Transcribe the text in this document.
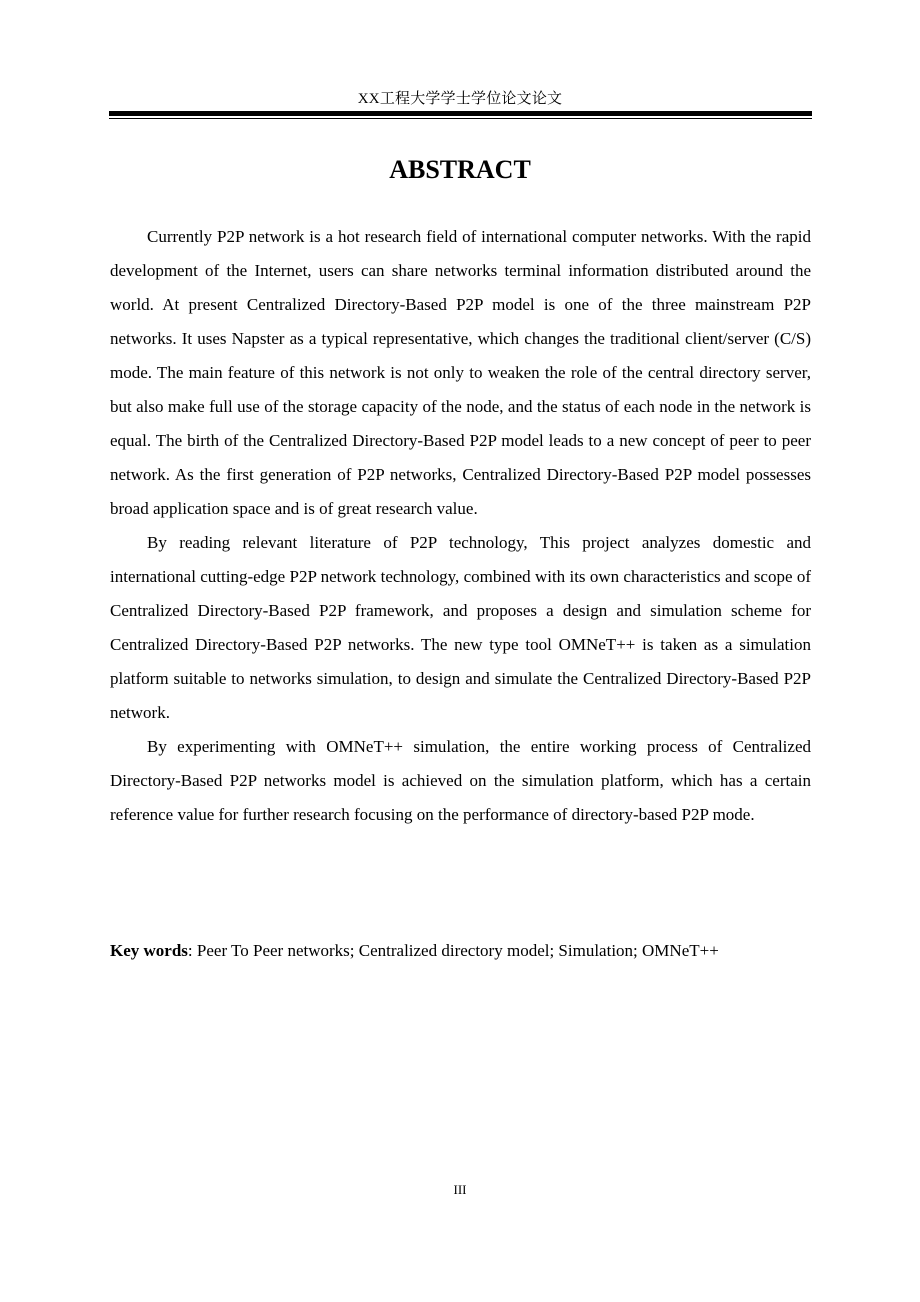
XX工程大学学士学位论文论文
ABSTRACT

Currently P2P network is a hot research field of international computer networks. With the rapid development of the Internet, users can share networks terminal information distributed around the world. At present Centralized Directory-Based P2P model is one of the three mainstream P2P networks. It uses Napster as a typical representative, which changes the traditional client/server (C/S) mode. The main feature of this network is not only to weaken the role of the central directory server, but also make full use of the storage capacity of the node, and the status of each node in the network is equal. The birth of the Centralized Directory-Based P2P model leads to a new concept of peer to peer network. As the first generation of P2P networks, Centralized Directory-Based P2P model possesses broad application space and is of great research value.

By reading relevant literature of P2P technology, This project analyzes domestic and international cutting-edge P2P network technology, combined with its own characteristics and scope of Centralized Directory-Based P2P framework, and proposes a design and simulation scheme for Centralized Directory-Based P2P networks. The new type tool OMNeT++ is taken as a simulation platform suitable to networks simulation, to design and simulate the Centralized Directory-Based P2P network.

By experimenting with OMNeT++ simulation, the entire working process of Centralized Directory-Based P2P networks model is achieved on the simulation platform, which has a certain reference value for further research focusing on the performance of directory-based P2P mode.

Key words: Peer To Peer networks; Centralized directory model; Simulation; OMNeT++
III
